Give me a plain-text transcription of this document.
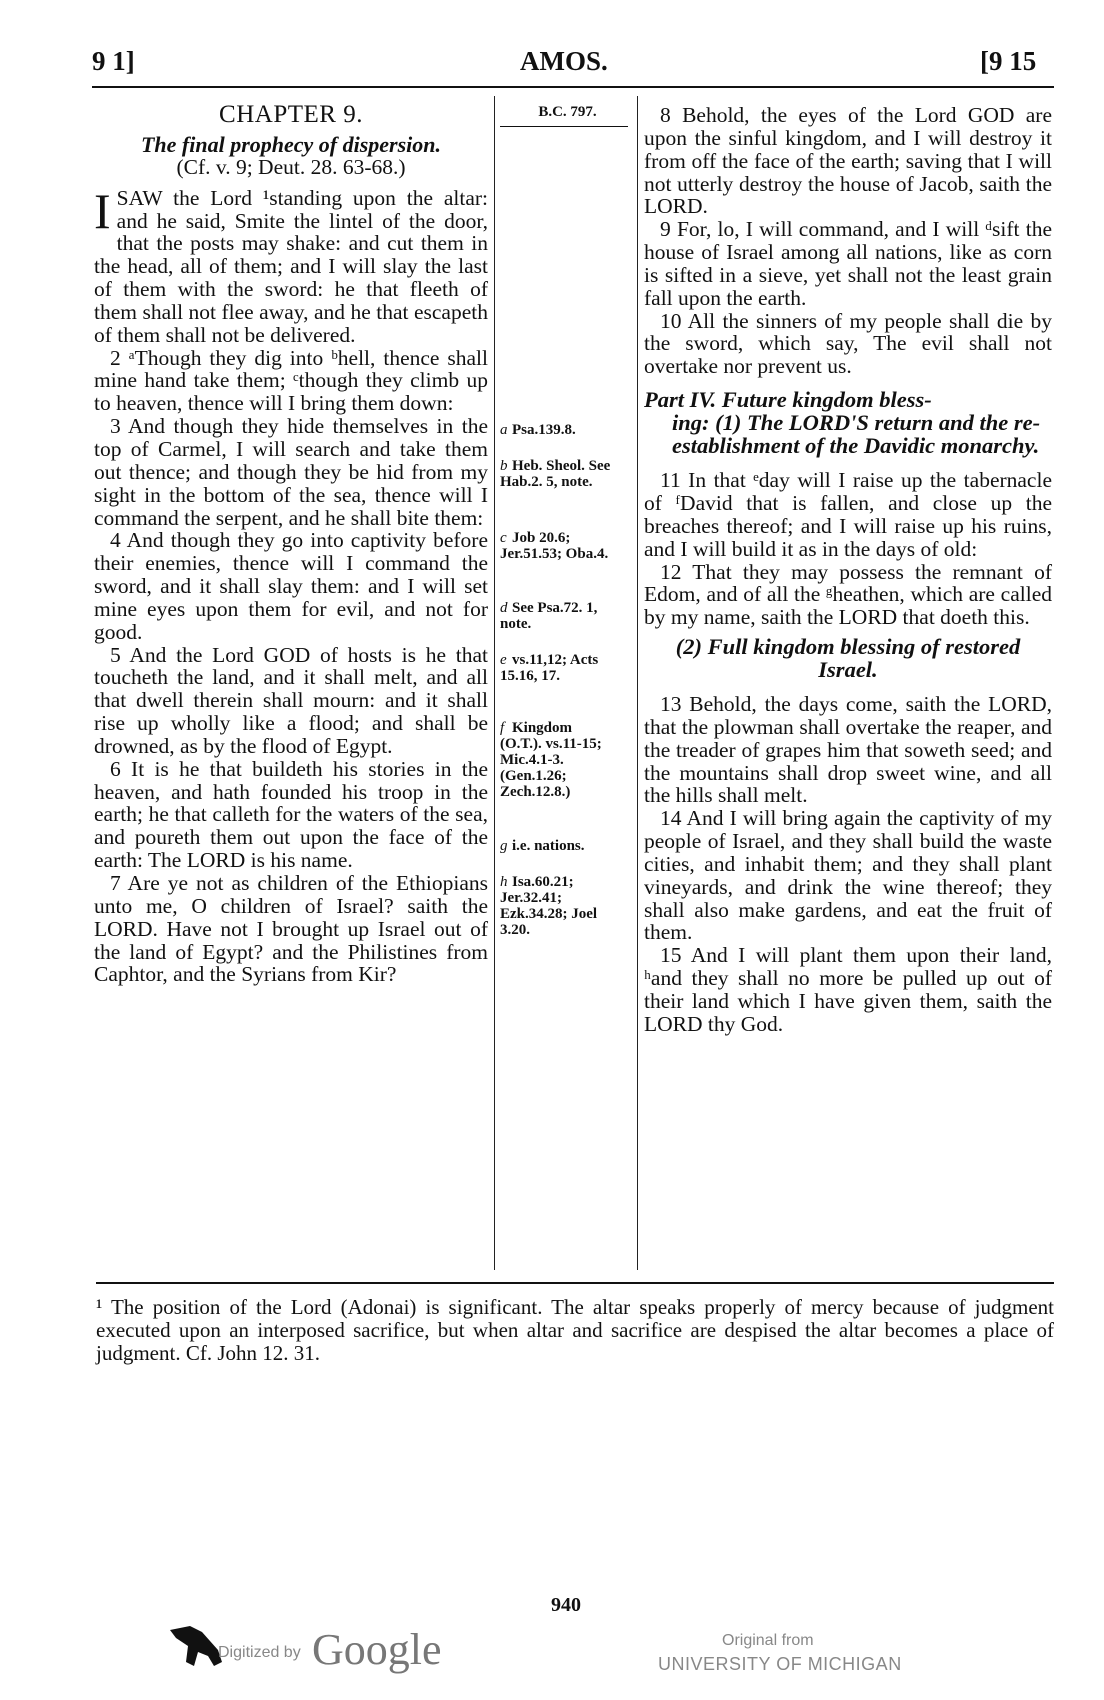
9 1]	AMOS.	[9 15
CHAPTER 9.
The final prophecy of dispersion.
(Cf. v. 9; Deut. 28. 63-68.)

ISAW the Lord ¹standing upon the altar: and he said, Smite the lintel of the door, that the posts may shake: and cut them in the head, all of them; and I will slay the last of them with the sword: he that fleeth of them shall not flee away, and he that escapeth of them shall not be delivered.

2 ᵃThough they dig into ᵇhell, thence shall mine hand take them; ᶜthough they climb up to heaven, thence will I bring them down:

3 And though they hide themselves in the top of Carmel, I will search and take them out thence; and though they be hid from my sight in the bottom of the sea, thence will I command the serpent, and he shall bite them:

4 And though they go into captivity before their enemies, thence will I command the sword, and it shall slay them: and I will set mine eyes upon them for evil, and not for good.

5 And the Lord GOD of hosts is he that toucheth the land, and it shall melt, and all that dwell therein shall mourn: and it shall rise up wholly like a flood; and shall be drowned, as by the flood of Egypt.

6 It is he that buildeth his stories in the heaven, and hath founded his troop in the earth; he that calleth for the waters of the sea, and poureth them out upon the face of the earth: The LORD is his name.

7 Are ye not as children of the Ethiopians unto me, O children of Israel? saith the LORD. Have not I brought up Israel out of the land of Egypt? and the Philistines from Caphtor, and the Syrians from Kir?

B.C. 797.
a Psa.139.8.
b Heb. Sheol. See Hab.2. 5, note.
c Job 20.6; Jer.51.53; Oba.4.
d See Psa.72. 1, note.
e vs.11,12; Acts 15.16, 17.
f Kingdom (O.T.). vs.11-15; Mic.4.1-3. (Gen.1.26; Zech.12.8.)
g i.e. nations.
h Isa.60.21; Jer.32.41; Ezk.34.28; Joel 3.20.

8 Behold, the eyes of the Lord GOD are upon the sinful kingdom, and I will destroy it from off the face of the earth; saving that I will not utterly destroy the house of Jacob, saith the LORD.

9 For, lo, I will command, and I will ᵈsift the house of Israel among all nations, like as corn is sifted in a sieve, yet shall not the least grain fall upon the earth.

10 All the sinners of my people shall die by the sword, which say, The evil shall not overtake nor prevent us.

Part IV. Future kingdom bless-
ing: (1) The LORD'S return and the re-establishment of the Davidic monarchy.

11 In that ᵉday will I raise up the tabernacle of ᶠDavid that is fallen, and close up the breaches thereof; and I will raise up his ruins, and I will build it as in the days of old:

12 That they may possess the remnant of Edom, and of all the ᵍheathen, which are called by my name, saith the LORD that doeth this.

(2) Full kingdom blessing of restored Israel.

13 Behold, the days come, saith the LORD, that the plowman shall overtake the reaper, and the treader of grapes him that soweth seed; and the mountains shall drop sweet wine, and all the hills shall melt.

14 And I will bring again the captivity of my people of Israel, and they shall build the waste cities, and inhabit them; and they shall plant vineyards, and drink the wine thereof; they shall also make gardens, and eat the fruit of them.

15 And I will plant them upon their land, ʰand they shall no more be pulled up out of their land which I have given them, saith the LORD thy God.

¹ The position of the Lord (Adonai) is significant. The altar speaks properly of mercy because of judgment executed upon an interposed sacrifice, but when altar and sacrifice are despised the altar becomes a place of judgment. Cf. John 12. 31.
940
Digitized by Google	Original from
UNIVERSITY OF MICHIGAN
